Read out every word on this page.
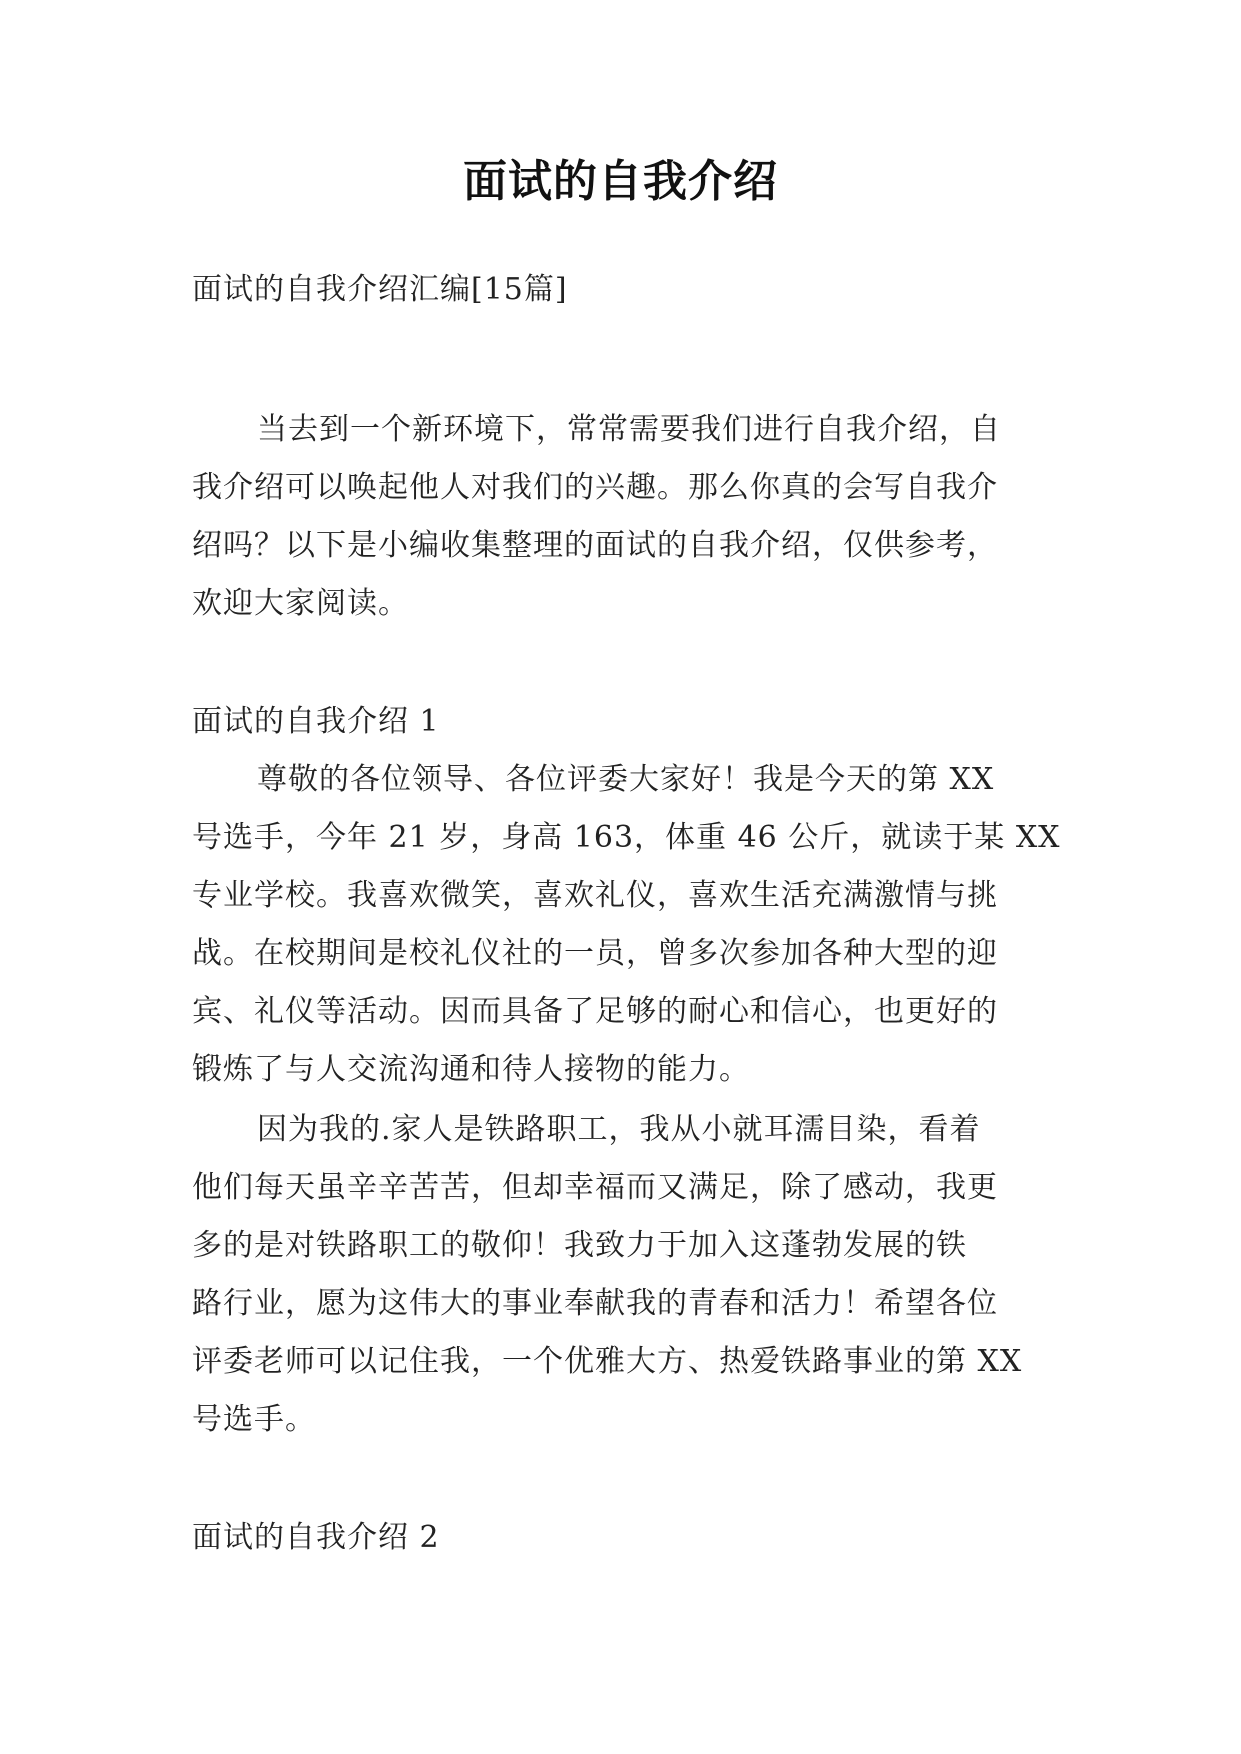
面试的自我介绍
面试的自我介绍汇编[15篇]
当去到一个新环境下，常常需要我们进行自我介绍，自
我介绍可以唤起他人对我们的兴趣。那么你真的会写自我介
绍吗？以下是小编收集整理的面试的自我介绍，仅供参考，
欢迎大家阅读。
面试的自我介绍 1
尊敬的各位领导、各位评委大家好！我是今天的第 XX
号选手，今年 21 岁，身高 163，体重 46 公斤，就读于某 XX
专业学校。我喜欢微笑，喜欢礼仪，喜欢生活充满激情与挑
战。在校期间是校礼仪社的一员，曾多次参加各种大型的迎
宾、礼仪等活动。因而具备了足够的耐心和信心，也更好的
锻炼了与人交流沟通和待人接物的能力。
因为我的.家人是铁路职工，我从小就耳濡目染，看着
他们每天虽辛辛苦苦，但却幸福而又满足，除了感动，我更
多的是对铁路职工的敬仰！我致力于加入这蓬勃发展的铁
路行业，愿为这伟大的事业奉献我的青春和活力！希望各位
评委老师可以记住我，一个优雅大方、热爱铁路事业的第 XX
号选手。
面试的自我介绍 2
